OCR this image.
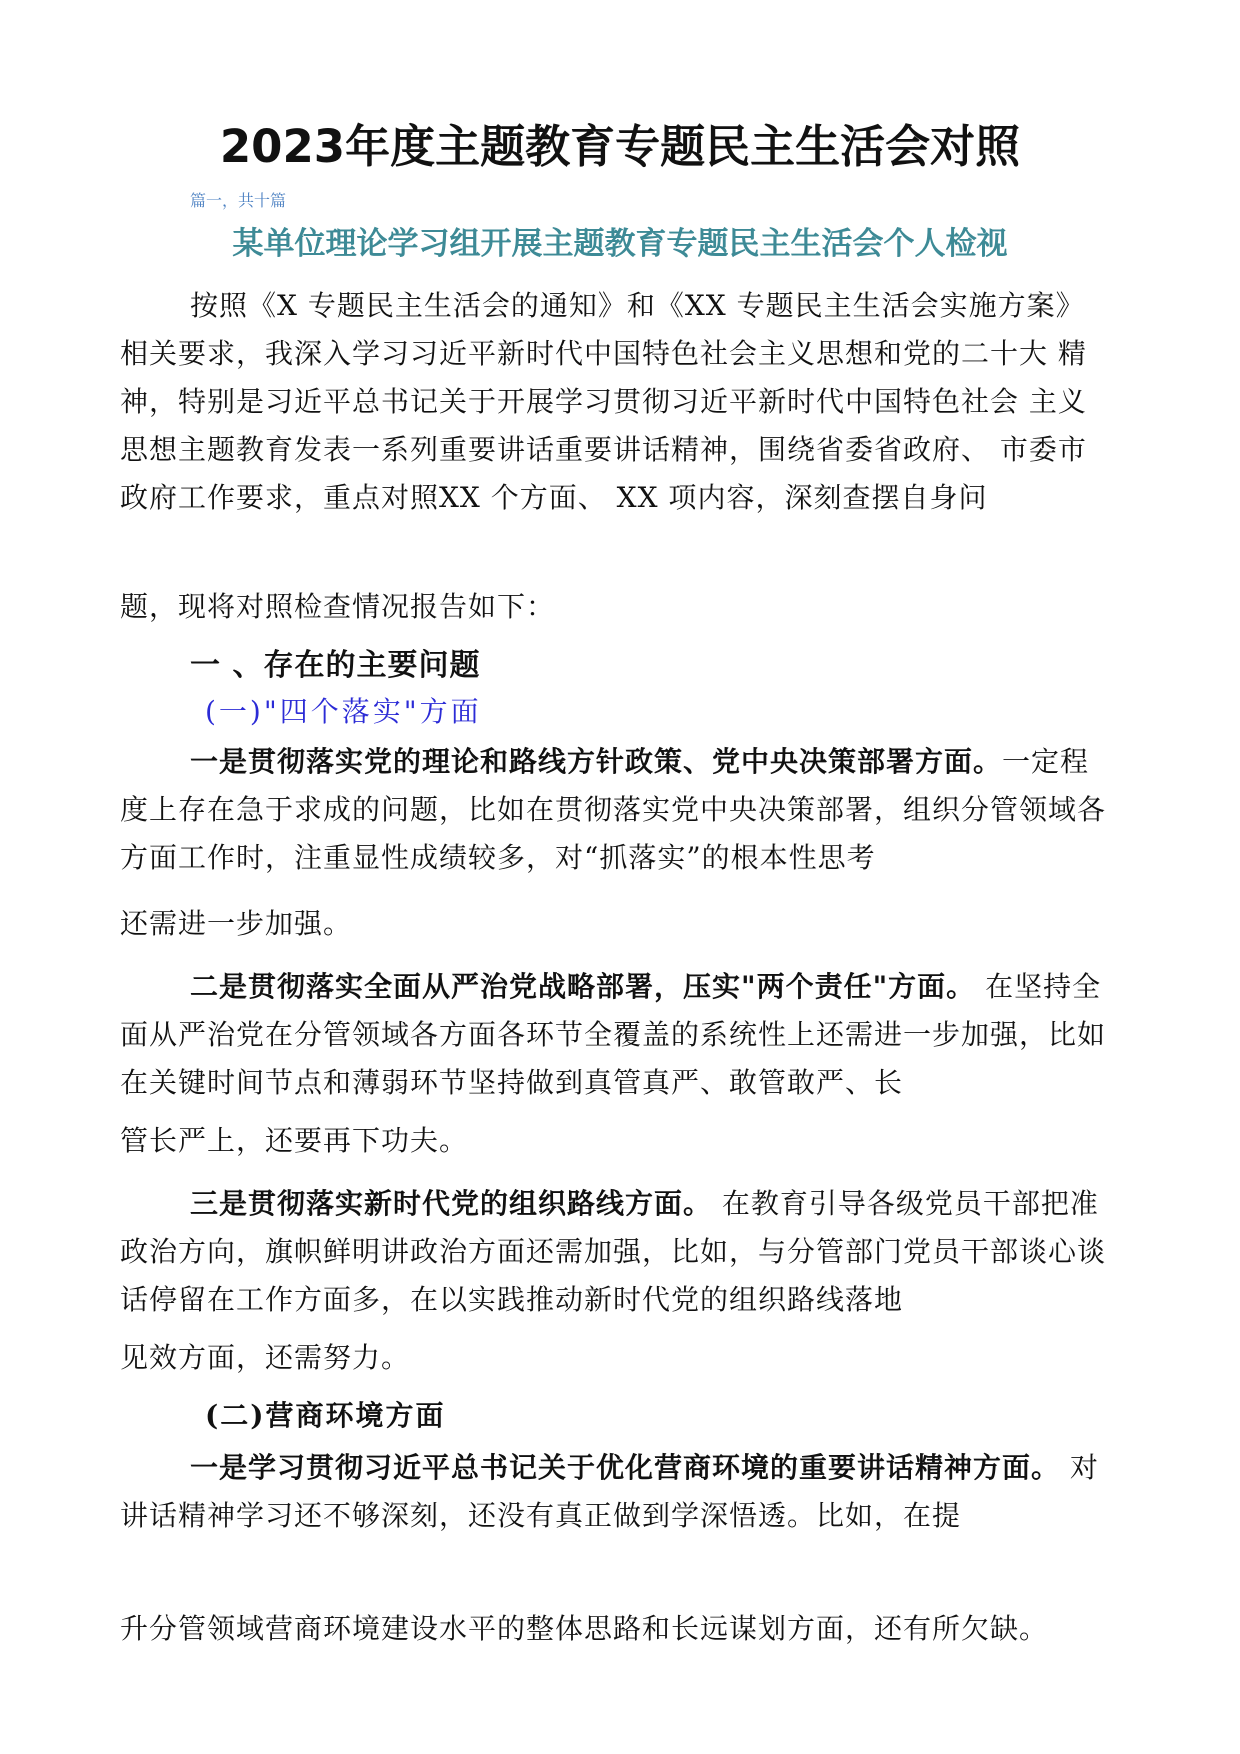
2023年度主题教育专题民主生活会对照
篇一，共十篇
某单位理论学习组开展主题教育专题民主生活会个人检视
按照《X 专题民主生活会的通知》和《XX 专题民主生活会实施方案》 相关要求，我深入学习习近平新时代中国特色社会主义思想和党的二十大 精神，特别是习近平总书记关于开展学习贯彻习近平新时代中国特色社会 主义思想主题教育发表一系列重要讲话重要讲话精神，围绕省委省政府、 市委市政府工作要求，重点对照XX 个方面、 XX 项内容，深刻查摆自身问
题，现将对照检查情况报告如下：
一 、存在的主要问题
(一)"四个落实"方面
一是贯彻落实党的理论和路线方针政策、党中央决策部署方面。一定程度上存在急于求成的问题，比如在贯彻落实党中央决策部署，组织分管领域各方面工作时，注重显性成绩较多，对“抓落实”的根本性思考
还需进一步加强。
二是贯彻落实全面从严治党战略部署，压实"两个责任"方面。 在坚持全面从严治党在分管领域各方面各环节全覆盖的系统性上还需进一步加强，比如在关键时间节点和薄弱环节坚持做到真管真严、敢管敢严、长
管长严上，还要再下功夫。
三是贯彻落实新时代党的组织路线方面。 在教育引导各级党员干部把准政治方向，旗帜鲜明讲政治方面还需加强，比如，与分管部门党员干部谈心谈话停留在工作方面多，在以实践推动新时代党的组织路线落地
见效方面，还需努力。
(二)营商环境方面
一是学习贯彻习近平总书记关于优化营商环境的重要讲话精神方面。 对讲话精神学习还不够深刻，还没有真正做到学深悟透。比如，在提
升分管领域营商环境建设水平的整体思路和长远谋划方面，还有所欠缺。
